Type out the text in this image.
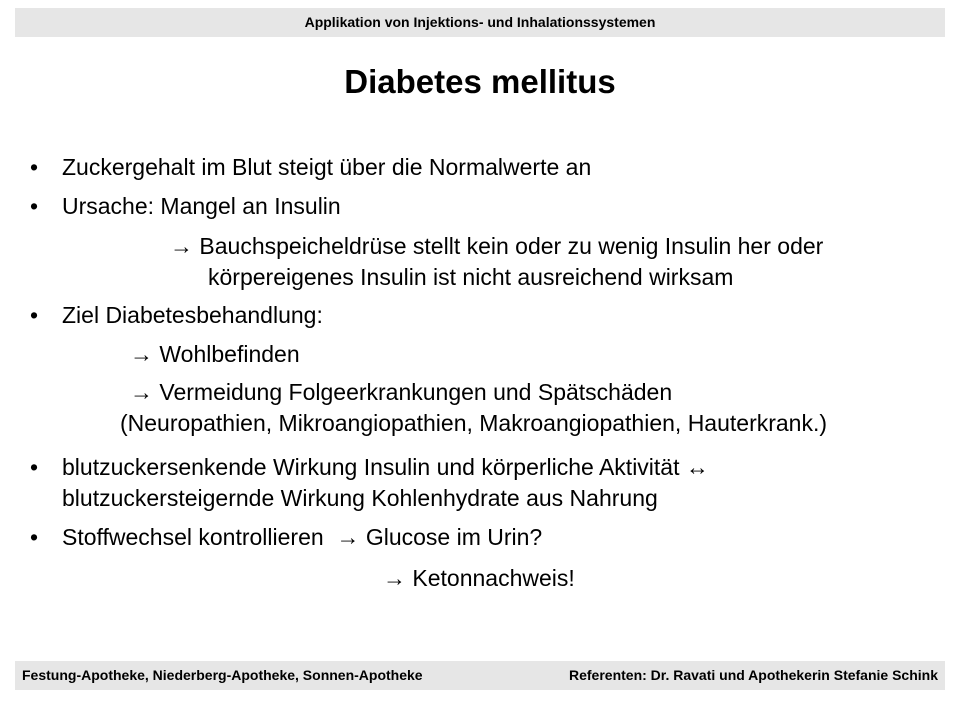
Applikation von Injektions- und Inhalationssystemen
Diabetes mellitus
• Zuckergehalt im Blut steigt über die Normalwerte an
• Ursache: Mangel an Insulin
→ Bauchspeicheldrüse stellt kein oder zu wenig Insulin her oder
körpereigenes Insulin ist nicht ausreichend wirksam
• Ziel Diabetesbehandlung:
→ Wohlbefinden
→ Vermeidung Folgeerkrankungen und Spätschäden
(Neuropathien, Mikroangiopathien, Makroangiopathien, Hauterkrank.)
• blutzuckersenkende Wirkung Insulin und körperliche Aktivität ↔
blutzuckersteigernde Wirkung Kohlenhydrate aus Nahrung
• Stoffwechsel kontrollieren  → Glucose im Urin?
→ Ketonnachweis!
Festung-Apotheke, Niederberg-Apotheke, Sonnen-Apotheke	Referenten: Dr. Ravati und Apothekerin Stefanie Schink
